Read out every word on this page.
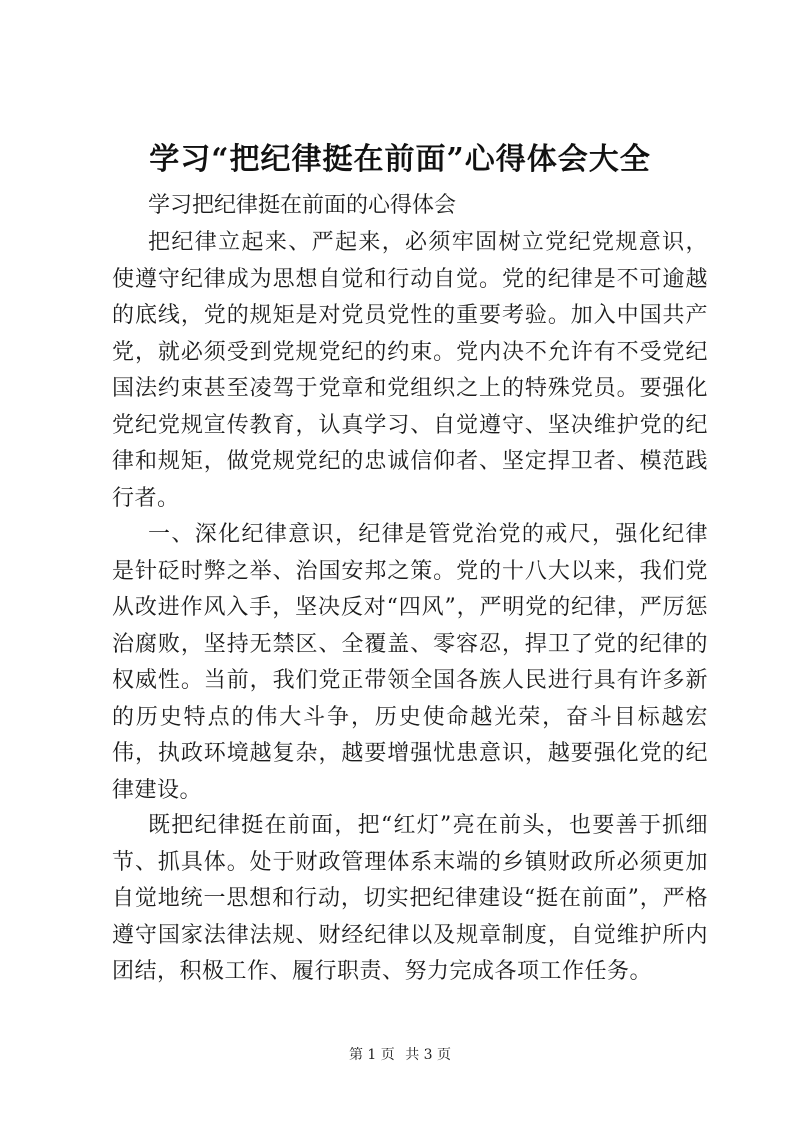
学习“把纪律挺在前面”心得体会大全

学习把纪律挺在前面的心得体会

把纪律立起来、严起来，必须牢固树立党纪党规意识，使遵守纪律成为思想自觉和行动自觉。党的纪律是不可逾越的底线，党的规矩是对党员党性的重要考验。加入中国共产党，就必须受到党规党纪的约束。党内决不允许有不受党纪国法约束甚至凌驾于党章和党组织之上的特殊党员。要强化党纪党规宣传教育，认真学习、自觉遵守、坚决维护党的纪律和规矩，做党规党纪的忠诚信仰者、坚定捍卫者、模范践行者。

一、深化纪律意识，纪律是管党治党的戒尺，强化纪律是针砭时弊之举、治国安邦之策。党的十八大以来，我们党从改进作风入手，坚决反对“四风”，严明党的纪律，严厉惩治腐败，坚持无禁区、全覆盖、零容忍，捍卫了党的纪律的权威性。当前，我们党正带领全国各族人民进行具有许多新的历史特点的伟大斗争，历史使命越光荣，奋斗目标越宏伟，执政环境越复杂，越要增强忧患意识，越要强化党的纪律建设。

既把纪律挺在前面，把“红灯”亮在前头，也要善于抓细节、抓具体。处于财政管理体系末端的乡镇财政所必须更加自觉地统一思想和行动，切实把纪律建设“挺在前面”，严格遵守国家法律法规、财经纪律以及规章制度，自觉维护所内团结，积极工作、履行职责、努力完成各项工作任务。

第 1 页 共 3 页
